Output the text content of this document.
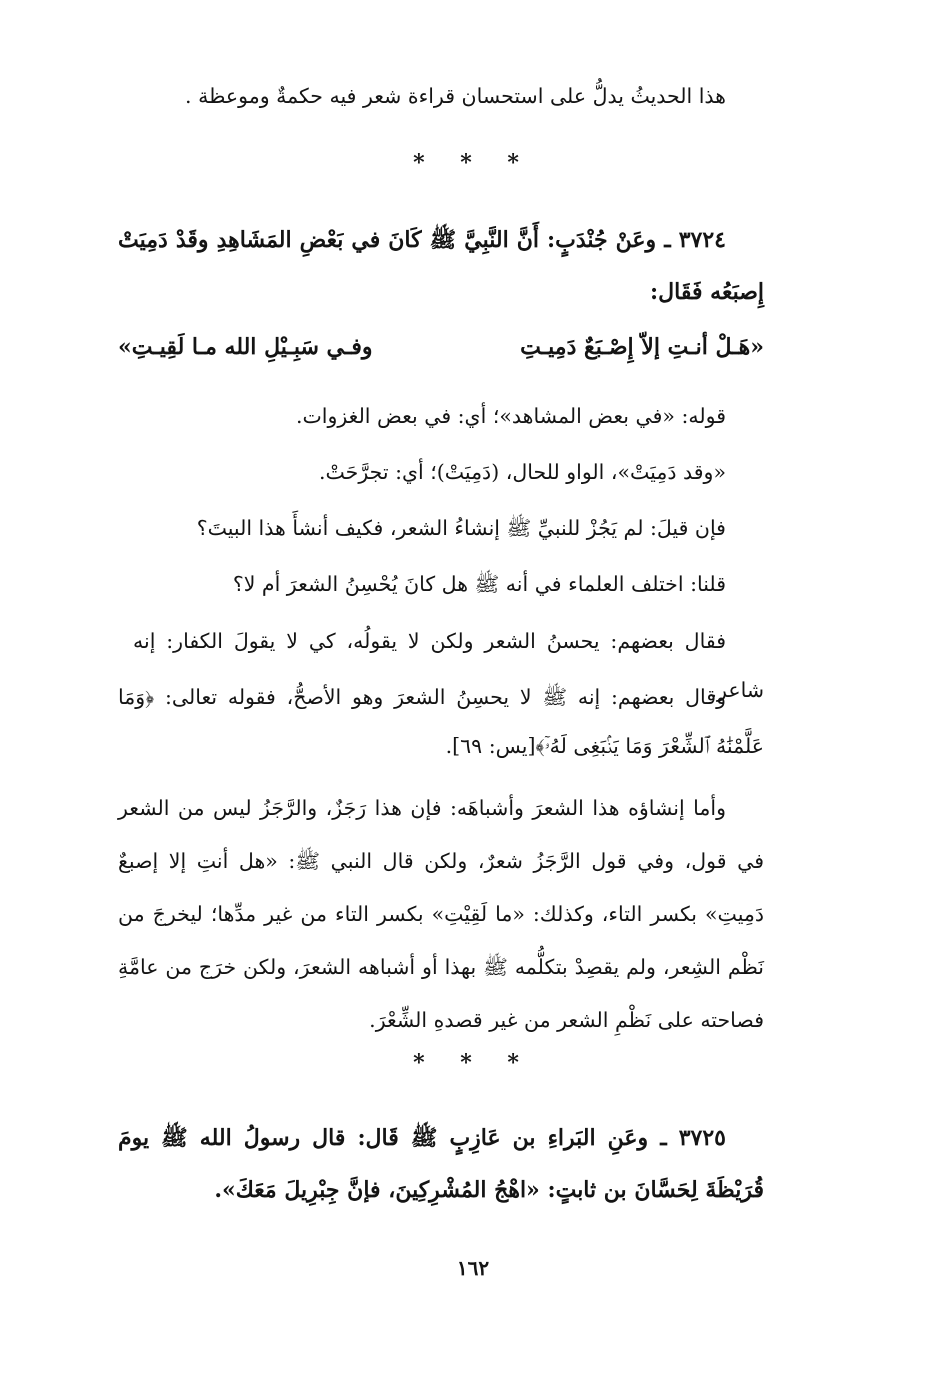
هذا الحديثُ يدلُّ على استحسان قراءة شعر فيه حكمةٌ وموعظة .
* * *
٣٧٢٤ ـ وعَنْ جُنْدَبٍ: أَنَّ النَّبِيَّ ﷺ كَانَ في بَعْضِ المَشَاهِدِ وقَدْ دَمِيَتْ إِصبَعُه فَقَال:
«هَـلْ أنـتِ إلاّ إِصْـبَعٌ دَمِيـتِ
وفـي سَبِـيْلِ الله مـا لَقِيـتِ»
قوله: «في بعض المشاهد»؛ أي: في بعض الغزوات.
«وقد دَمِيَتْ»، الواو للحال، (دَمِيَتْ)؛ أي: تجرَّحَتْ.
فإن قيلَ: لم يَجُزْ للنبيِّ ﷺ إنشاءُ الشعر، فكيف أنشأَ هذا البيتَ؟
قلنا: اختلف العلماء في أنه ﷺ هل كانَ يُحْسِنُ الشعرَ أم لا؟
فقال بعضهم: يحسنُ الشعر ولكن لا يقولُه، كي لا يقولَ الكفار: إنه شاعر.
وقال بعضهم: إنه ﷺ لا يحسِنُ الشعرَ وهو الأصحُّ، فقوله تعالى: ﴿وَمَا عَلَّمْنَٰهُ ٱلشِّعْرَ وَمَا يَنۢبَغِى لَهُۥٓ﴾[يس: ٦٩].
وأما إنشاؤه هذا الشعرَ وأشباهَه: فإن هذا رَجَزٌ، والرَّجَزُ ليس من الشعر في قول، وفي قول الرَّجَزُ شعرٌ، ولكن قال النبي ﷺ: «هل أنتِ إلا إصبعٌ دَمِيتِ» بكسر التاء، وكذلك: «ما لَقِيْتِ» بكسر التاء من غير مدِّها؛ ليخرجَ من نَظْم الشِعر، ولم يقصِدْ بتكلُّمه ﷺ بهذا أو أشباهه الشعرَ، ولكن خرَج من عامَّةِ فصاحته على نَظْمِ الشعر من غير قصدهِ الشِّعْرَ.
* * *
٣٧٢٥ ـ وعَنِ البَراءِ بن عَازِبٍ ﷺ قَال: قال رسولُ الله ﷺ يومَ قُرَيْظَةَ لِحَسَّانَ بن ثابتٍ: «اهْجُ المُشْرِكِينَ، فإنَّ جِبْرِيلَ مَعَكَ».
١٦٢
